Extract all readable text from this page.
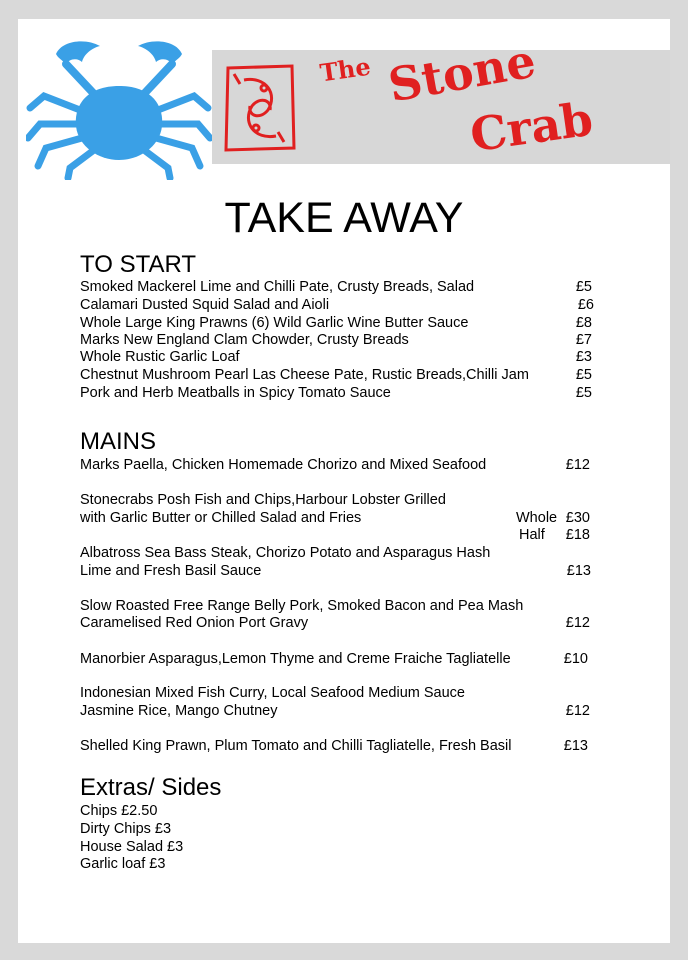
The Stone
Crab
TAKE AWAY
TO START
Smoked Mackerel Lime and Chilli Pate, Crusty Breads, Salad	£5
Calamari Dusted Squid Salad and Aioli	£6
Whole Large King Prawns (6) Wild Garlic Wine Butter Sauce	£8
Marks New England Clam Chowder, Crusty Breads	£7
Whole Rustic Garlic Loaf	£3
Chestnut Mushroom Pearl Las Cheese Pate, Rustic Breads,Chilli Jam	£5
Pork and Herb Meatballs in Spicy Tomato Sauce	£5
MAINS
Marks Paella, Chicken Homemade Chorizo and Mixed Seafood	£12
Stonecrabs Posh Fish and Chips,Harbour Lobster Grilled
with Garlic Butter or Chilled Salad and Fries	Whole £30
Half £18
Albatross Sea Bass Steak, Chorizo Potato and Asparagus Hash
Lime and Fresh Basil Sauce	£13
Slow Roasted Free Range Belly Pork, Smoked Bacon and Pea Mash
Caramelised Red Onion Port Gravy	£12
Manorbier Asparagus,Lemon Thyme and Creme Fraiche Tagliatelle	£10
Indonesian Mixed Fish Curry, Local Seafood Medium Sauce
Jasmine Rice, Mango Chutney	£12
Shelled King Prawn, Plum Tomato and Chilli Tagliatelle, Fresh Basil	£13
Extras/ Sides
Chips £2.50
Dirty Chips £3
House Salad £3
Garlic loaf £3
